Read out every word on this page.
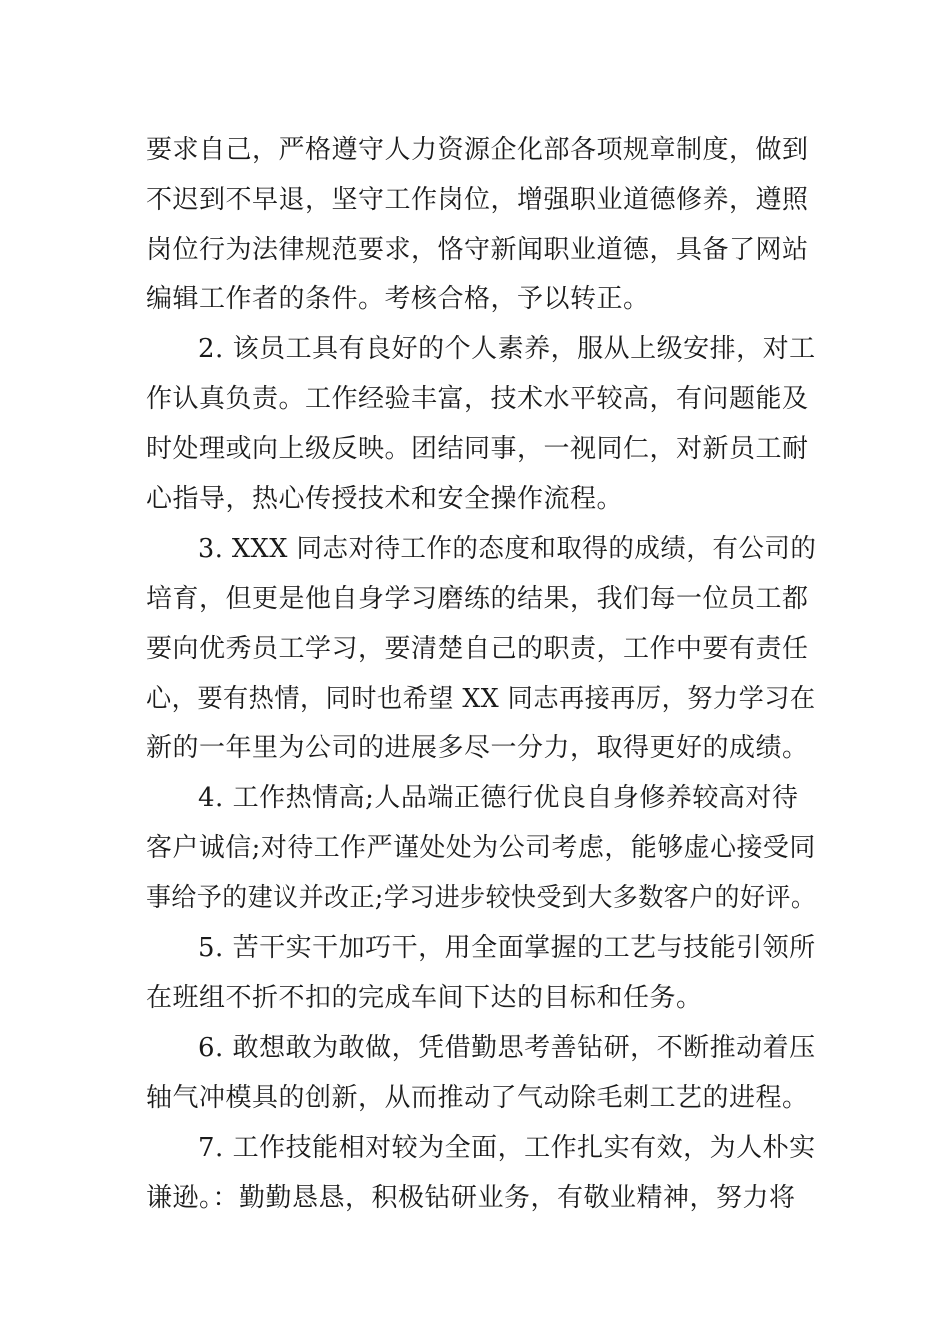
要求自己，严格遵守人力资源企化部各项规章制度，做到
不迟到不早退，坚守工作岗位，增强职业道德修养，遵照
岗位行为法律规范要求，恪守新闻职业道德，具备了网站
编辑工作者的条件。考核合格，予以转正。
2. 该员工具有良好的个人素养，服从上级安排，对工
作认真负责。工作经验丰富，技术水平较高，有问题能及
时处理或向上级反映。团结同事，一视同仁，对新员工耐
心指导，热心传授技术和安全操作流程。
3. XXX 同志对待工作的态度和取得的成绩，有公司的
培育，但更是他自身学习磨练的结果，我们每一位员工都
要向优秀员工学习，要清楚自己的职责，工作中要有责任
心，要有热情，同时也希望 XX 同志再接再厉，努力学习在
新的一年里为公司的进展多尽一分力，取得更好的成绩。
4. 工作热情高;人品端正德行优良自身修养较高对待
客户诚信;对待工作严谨处处为公司考虑，能够虚心接受同
事给予的建议并改正;学习进步较快受到大多数客户的好评。
5. 苦干实干加巧干，用全面掌握的工艺与技能引领所
在班组不折不扣的完成车间下达的目标和任务。
6. 敢想敢为敢做，凭借勤思考善钻研，不断推动着压
轴气冲模具的创新，从而推动了气动除毛刺工艺的进程。
7. 工作技能相对较为全面，工作扎实有效，为人朴实
谦逊。：勤勤恳恳，积极钻研业务，有敬业精神，努力将
